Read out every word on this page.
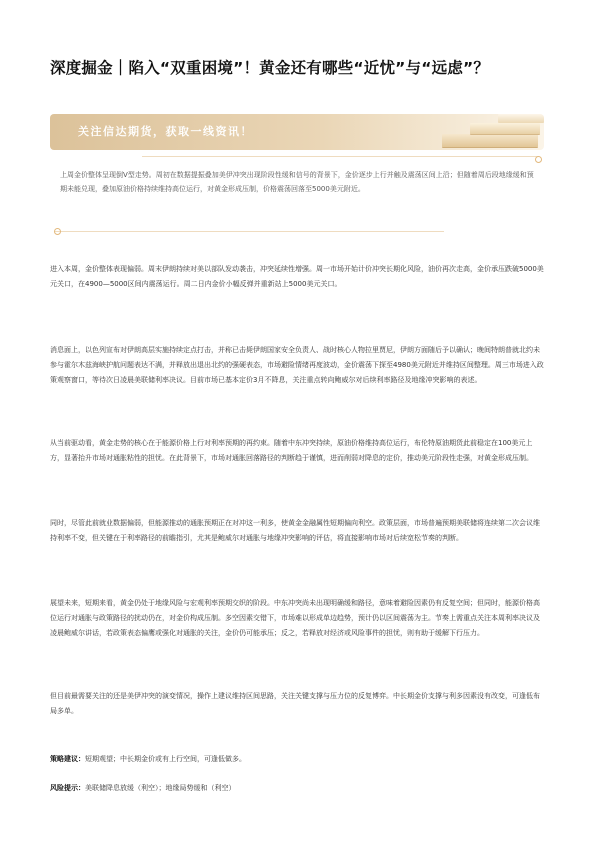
深度掘金｜陷入“双重困境”！黄金还有哪些“近忧”与“远虑”？
关注信达期货，获取一线资讯！

上周金价整体呈现倒V型走势。周初在数据提振叠加美伊冲突出现阶段性缓和信号的背景下，金价逐步上行并触及震荡区间上沿；但随着周后段地缘缓和预期未能兑现，叠加原油价格持续维持高位运行，对黄金形成压制，价格震荡回落至5000美元附近。

进入本周，金价整体表现偏弱。周末伊朗持续对美以部队发动袭击，冲突延续性增强。周一市场开始计价冲突长期化风险，油价再次走高，金价承压跌破5000美元关口，在4900—5000区间内震荡运行。周二日内金价小幅反弹并重新站上5000美元关口。

消息面上，以色列宣布对伊朗高层实施持续定点打击，并称已击毙伊朗国家安全负责人、战时核心人物拉里贾尼，伊朗方面随后予以确认；晚间特朗普就北约未参与霍尔木兹海峡护航问题表达不满，并释放出退出北约的强硬表态，市场避险情绪再度波动，金价震荡下探至4980美元附近并维持区间整理。周三市场进入政策观察窗口，等待次日凌晨美联储利率决议。目前市场已基本定价3月不降息，关注重点转向鲍威尔对后续利率路径及地缘冲突影响的表述。

从当前驱动看，黄金走势的核心在于能源价格上行对利率预期的再约束。随着中东冲突持续，原油价格维持高位运行，布伦特原油期货此前稳定在100美元上方，显著抬升市场对通胀粘性的担忧。在此背景下，市场对通胀回落路径的判断趋于谨慎，进而削弱对降息的定价，推动美元阶段性走强，对黄金形成压制。

同时，尽管此前就业数据偏弱，但能源推动的通胀预期正在对冲这一利多，使黄金金融属性短期偏向利空。政策层面，市场普遍预期美联储将连续第二次会议维持利率不变，但关键在于利率路径的前瞻指引，尤其是鲍威尔对通胀与地缘冲突影响的评估，将直接影响市场对后续宽松节奏的判断。

展望未来，短期来看，黄金仍处于地缘风险与宏观利率预期交织的阶段。中东冲突尚未出现明确缓和路径，意味着避险因素仍有反复空间；但同时，能源价格高位运行对通胀与政策路径的扰动仍在，对金价构成压制。多空因素交错下，市场难以形成单边趋势，预计仍以区间震荡为主。节奏上需重点关注本周利率决议及凌晨鲍威尔讲话，若政策表态偏鹰或强化对通胀的关注，金价仍可能承压；反之，若释放对经济或风险事件的担忧，则有助于缓解下行压力。

但目前最需要关注的还是美伊冲突的演变情况，操作上建议维持区间思路，关注关键支撑与压力位的反复博弈。中长期金价支撑与利多因素没有改变，可逢低布局多单。

策略建议：短期观望；中长期金价或有上行空间，可逢低做多。

风险提示：美联储降息放缓（利空）；地缘局势缓和（利空）
